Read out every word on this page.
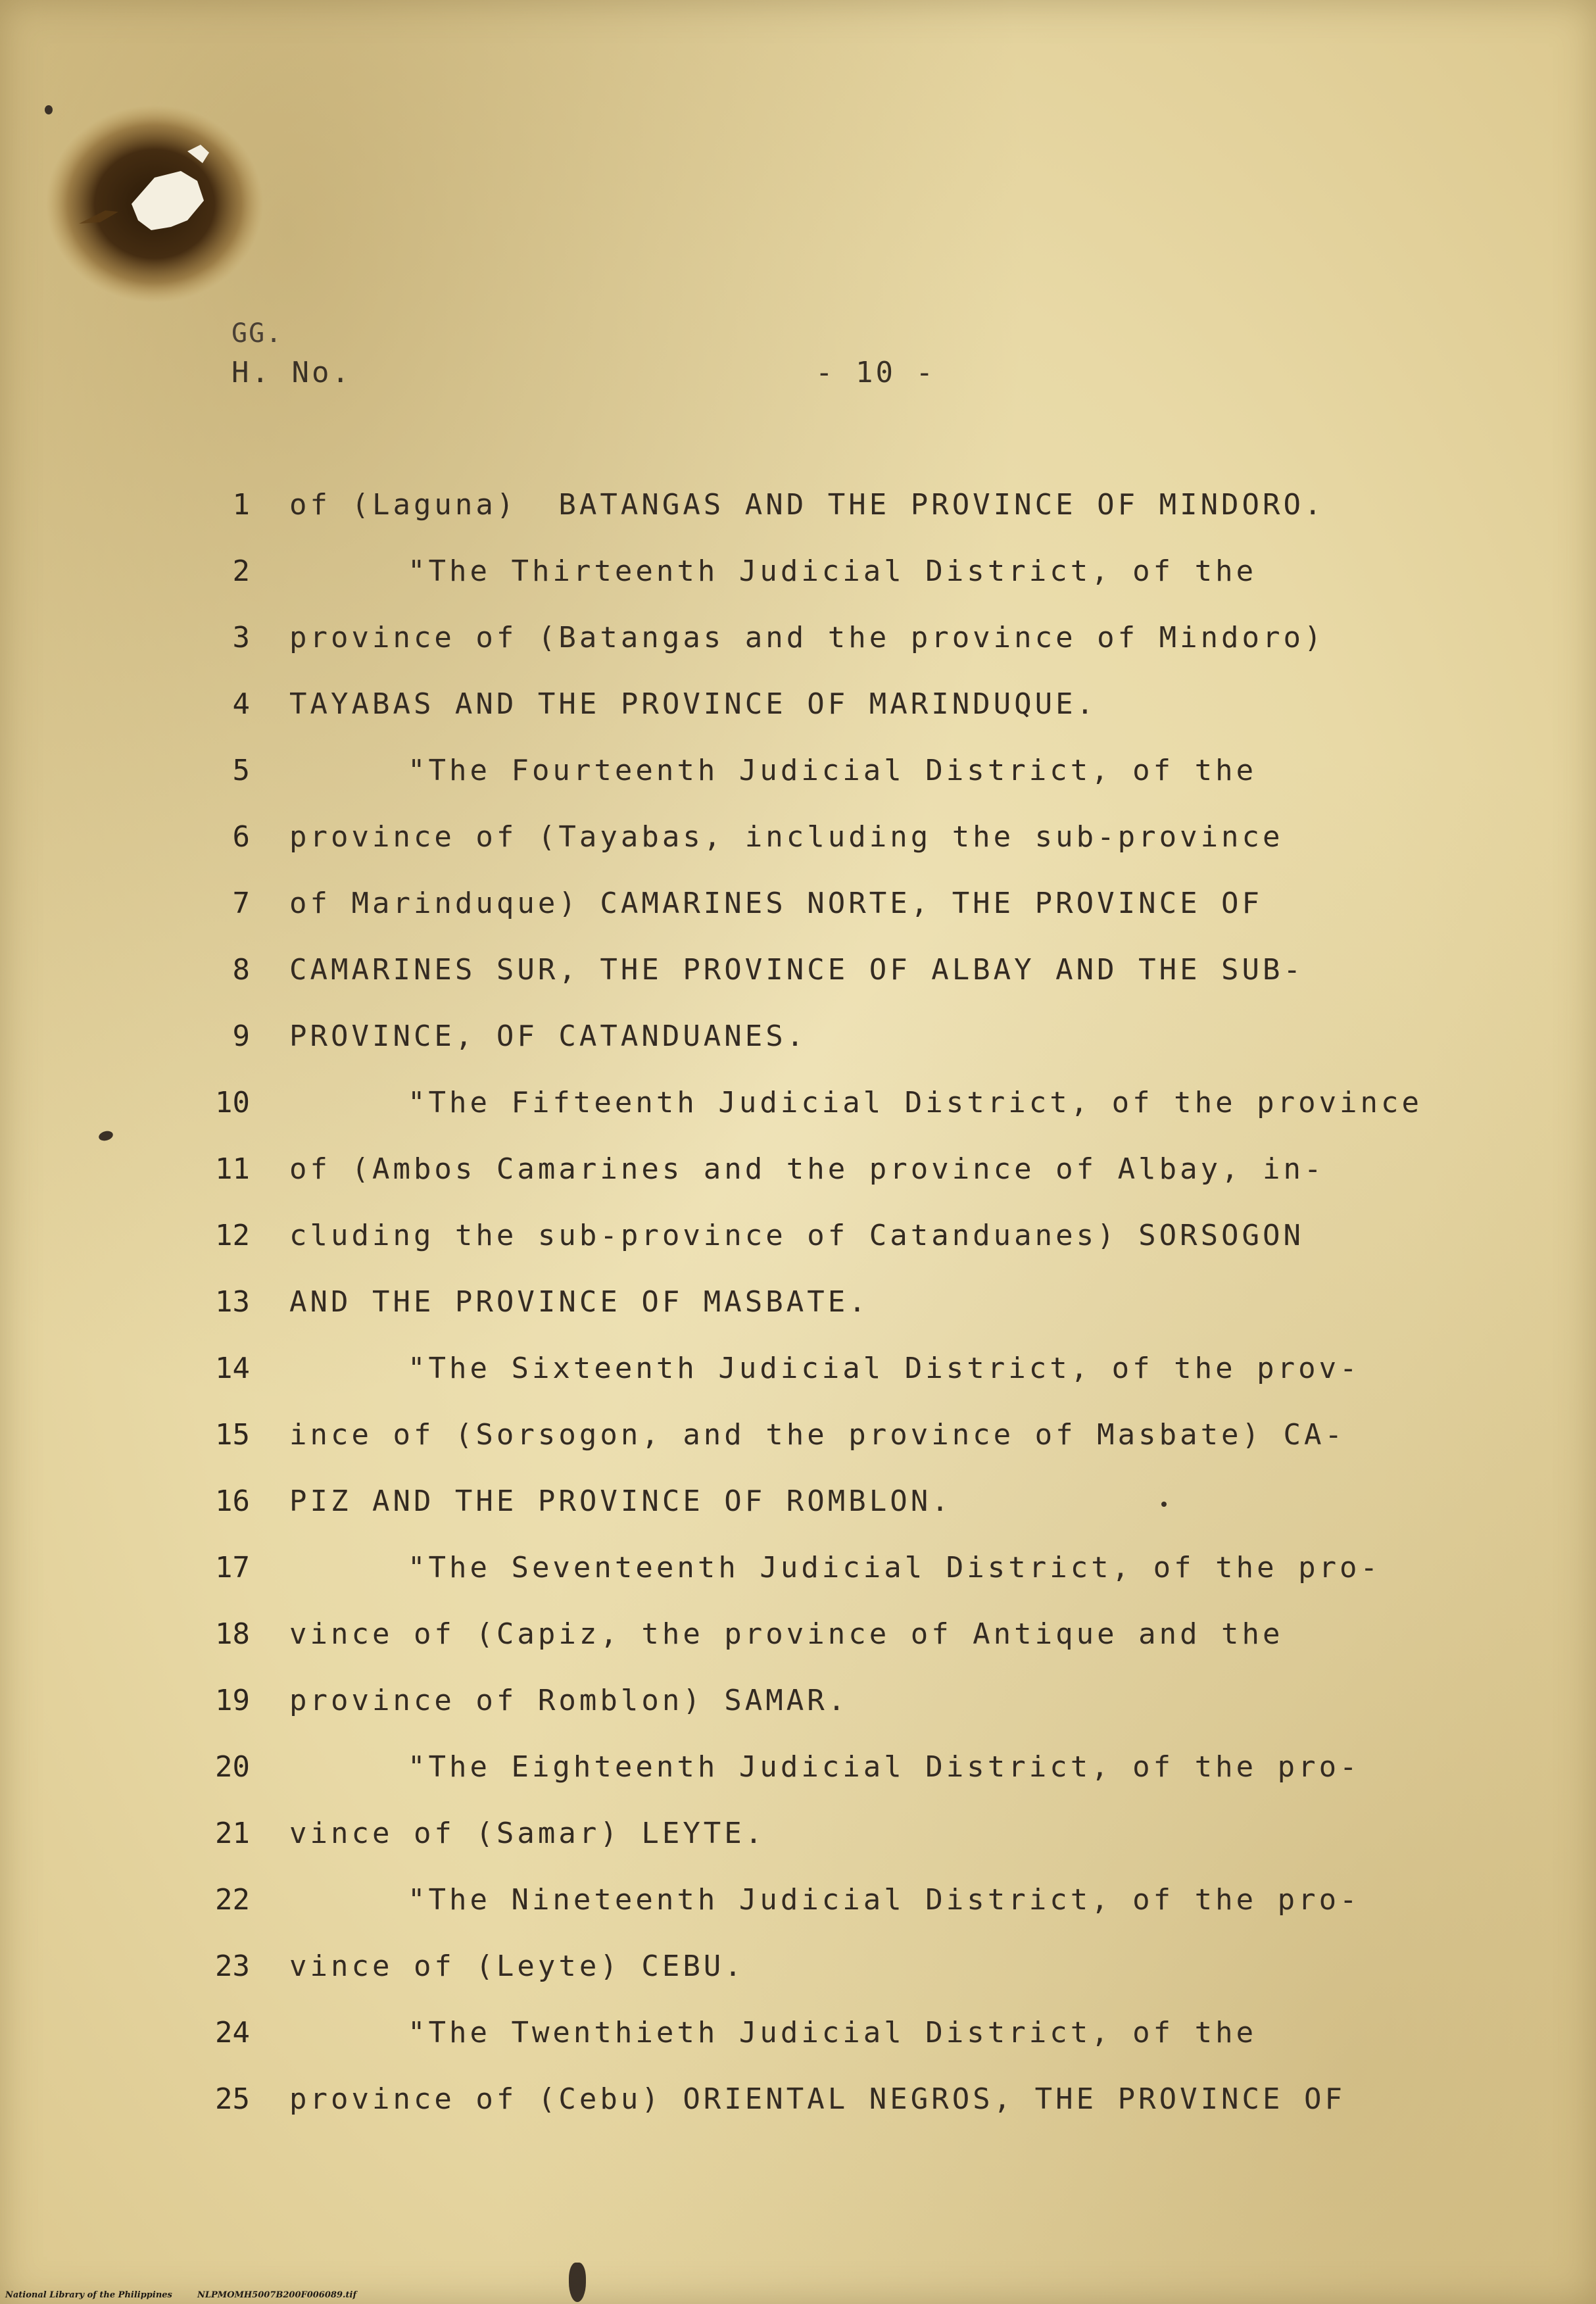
GG.
H. No.	- 10 -
1 of (Laguna)  BATANGAS AND THE PROVINCE OF MINDORO.
2	"The Thirteenth Judicial District, of the
3 province of (Batangas and the province of Mindoro)
4 TAYABAS AND THE PROVINCE OF MARINDUQUE.
5	"The Fourteenth Judicial District, of the
6 province of (Tayabas, including the sub-province
7 of Marinduque) CAMARINES NORTE, THE PROVINCE OF
8 CAMARINES SUR, THE PROVINCE OF ALBAY AND THE SUB-
9 PROVINCE, OF CATANDUANES.
10	"The Fifteenth Judicial District, of the province
11 of (Ambos Camarines and the province of Albay, in-
12 cluding the sub-province of Catanduanes) SORSOGON
13 AND THE PROVINCE OF MASBATE.
14	"The Sixteenth Judicial District, of the prov-
15 ince of (Sorsogon, and the province of Masbate) CA-
16 PIZ AND THE PROVINCE OF ROMBLON.
17	"The Seventeenth Judicial District, of the pro-
18 vince of (Capiz, the province of Antique and the
19 province of Romblon) SAMAR.
20	"The Eighteenth Judicial District, of the pro-
21 vince of (Samar) LEYTE.
22	"The Nineteenth Judicial District, of the pro-
23 vince of (Leyte) CEBU.
24	"The Twenthieth Judicial District, of the
25 province of (Cebu) ORIENTAL NEGROS, THE PROVINCE OF
National Library of the Philippines	NLPMOMH5007B200F006089.tif
